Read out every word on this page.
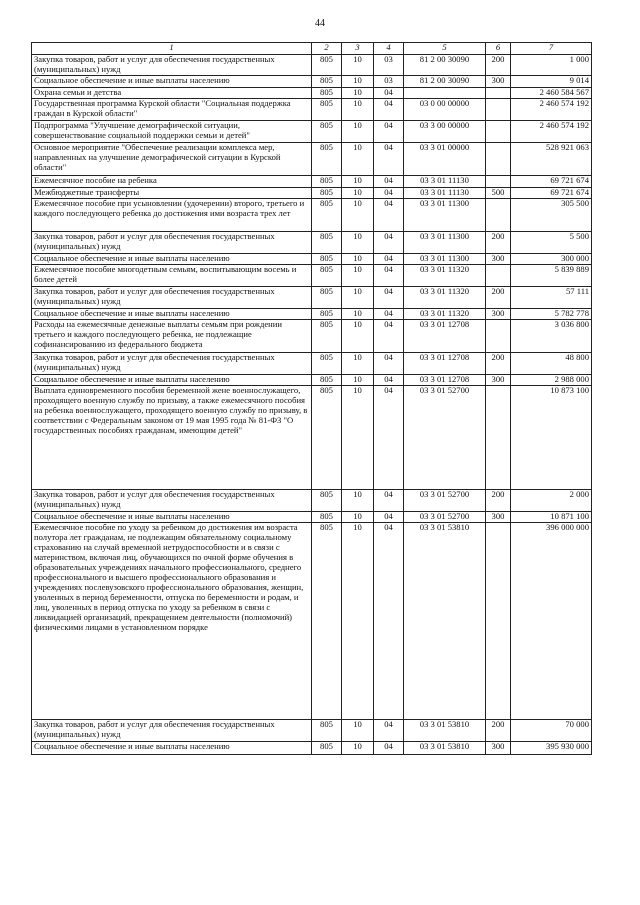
44
1	2	3	4	5	6	7
Закупка товаров, работ и услуг для обеспечения государственных (муниципальных) нужд	805	10	03	81 2 00 30090	200	1 000
Социальное обеспечение и иные выплаты населению	805	10	03	81 2 00 30090	300	9 014
Охрана семьи и детства	805	10	04			2 460 584 567
Государственная программа Курской области "Социальная поддержка граждан в Курской области"	805	10	04	03 0 00 00000		2 460 574 192
Подпрограмма "Улучшение демографической ситуации, совершенствование социальной поддержки семьи и детей"	805	10	04	03 3 00 00000		2 460 574 192
Основное мероприятие "Обеспечение реализации комплекса мер, направленных на улучшение демографической ситуации в Курской области"	805	10	04	03 3 01 00000		528 921 063
Ежемесячное пособие на ребенка	805	10	04	03 3 01 11130		69 721 674
Межбюджетные трансферты	805	10	04	03 3 01 11130	500	69 721 674
Ежемесячное пособие при усыновлении (удочерении) второго, третьего и каждого последующего ребенка до достижения ими возраста трех лет	805	10	04	03 3 01 11300		305 500
Закупка товаров, работ и услуг для обеспечения государственных (муниципальных) нужд	805	10	04	03 3 01 11300	200	5 500
Социальное обеспечение и иные выплаты населению	805	10	04	03 3 01 11300	300	300 000
Ежемесячное пособие многодетным семьям, воспитывающим восемь и более детей	805	10	04	03 3 01 11320		5 839 889
Закупка товаров, работ и услуг для обеспечения государственных (муниципальных) нужд	805	10	04	03 3 01 11320	200	57 111
Социальное обеспечение и иные выплаты населению	805	10	04	03 3 01 11320	300	5 782 778
Расходы на ежемесячные денежные выплаты семьям при рождении третьего и каждого последующего ребенка, не подлежащие софинансированию из федерального бюджета	805	10	04	03 3 01 12708		3 036 800
Закупка товаров, работ и услуг для обеспечения государственных (муниципальных) нужд	805	10	04	03 3 01 12708	200	48 800
Социальное обеспечение и иные выплаты населению	805	10	04	03 3 01 12708	300	2 988 000
Выплата единовременного пособия беременной жене военнослужащего, проходящего военную службу по призыву, а также ежемесячного пособия на ребенка военнослужащего, проходящего военную службу по призыву, в соответствии с Федеральным законом от 19 мая 1995 года № 81-ФЗ "О государственных пособиях гражданам, имеющим детей"	805	10	04	03 3 01 52700		10 873 100
Закупка товаров, работ и услуг для обеспечения государственных (муниципальных) нужд	805	10	04	03 3 01 52700	200	2 000
Социальное обеспечение и иные выплаты населению	805	10	04	03 3 01 52700	300	10 871 100
Ежемесячное пособие по уходу за ребенком до достижения им возраста полутора лет гражданам, не подлежащим обязательному социальному страхованию на случай временной нетрудоспособности и в связи с материнством, включая лиц, обучающихся по очной форме обучения в образовательных учреждениях начального профессионального, среднего профессионального и высшего профессионального образования и учреждениях послевузовского профессионального образования, женщин, уволенных в период беременности, отпуска по беременности и родам, и лиц, уволенных в период отпуска по уходу за ребенком в связи с ликвидацией организаций, прекращением деятельности (полномочий) физическими лицами в установленном порядке	805	10	04	03 3 01 53810		396 000 000
Закупка товаров, работ и услуг для обеспечения государственных (муниципальных) нужд	805	10	04	03 3 01 53810	200	70 000
Социальное обеспечение и иные выплаты населению	805	10	04	03 3 01 53810	300	395 930 000
